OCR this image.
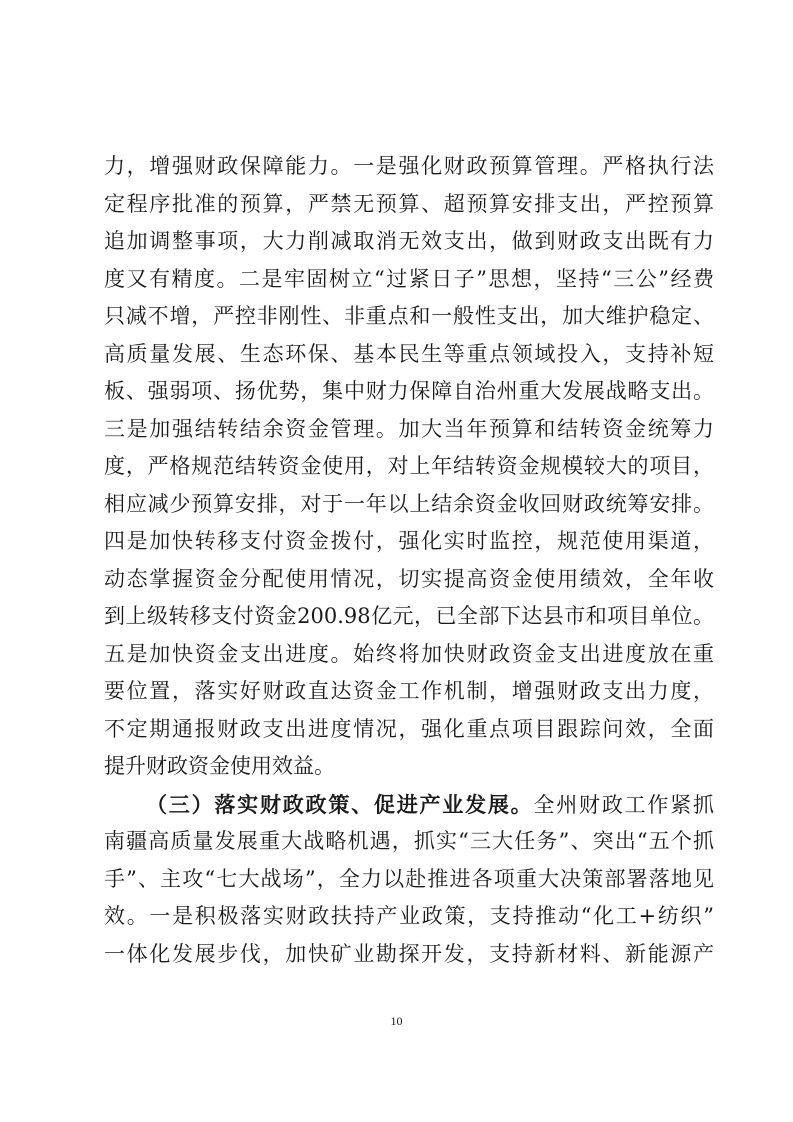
力，增强财政保障能力。一是强化财政预算管理。严格执行法
定程序批准的预算，严禁无预算、超预算安排支出，严控预算
追加调整事项，大力削减取消无效支出，做到财政支出既有力
度又有精度。二是牢固树立“过紧日子”思想，坚持“三公”经费
只减不增，严控非刚性、非重点和一般性支出，加大维护稳定、
高质量发展、生态环保、基本民生等重点领域投入，支持补短
板、强弱项、扬优势，集中财力保障自治州重大发展战略支出。
三是加强结转结余资金管理。加大当年预算和结转资金统筹力
度，严格规范结转资金使用，对上年结转资金规模较大的项目，
相应减少预算安排，对于一年以上结余资金收回财政统筹安排。
四是加快转移支付资金拨付，强化实时监控，规范使用渠道，
动态掌握资金分配使用情况，切实提高资金使用绩效，全年收
到上级转移支付资金200.98亿元，已全部下达县市和项目单位。
五是加快资金支出进度。始终将加快财政资金支出进度放在重
要位置，落实好财政直达资金工作机制，增强财政支出力度，
不定期通报财政支出进度情况，强化重点项目跟踪问效，全面
提升财政资金使用效益。
（三）落实财政政策、促进产业发展。全州财政工作紧抓
南疆高质量发展重大战略机遇，抓实“三大任务”、突出“五个抓
手”、主攻“七大战场”，全力以赴推进各项重大决策部署落地见
效。一是积极落实财政扶持产业政策，支持推动“化工+纺织”
一体化发展步伐，加快矿业勘探开发，支持新材料、新能源产
10
